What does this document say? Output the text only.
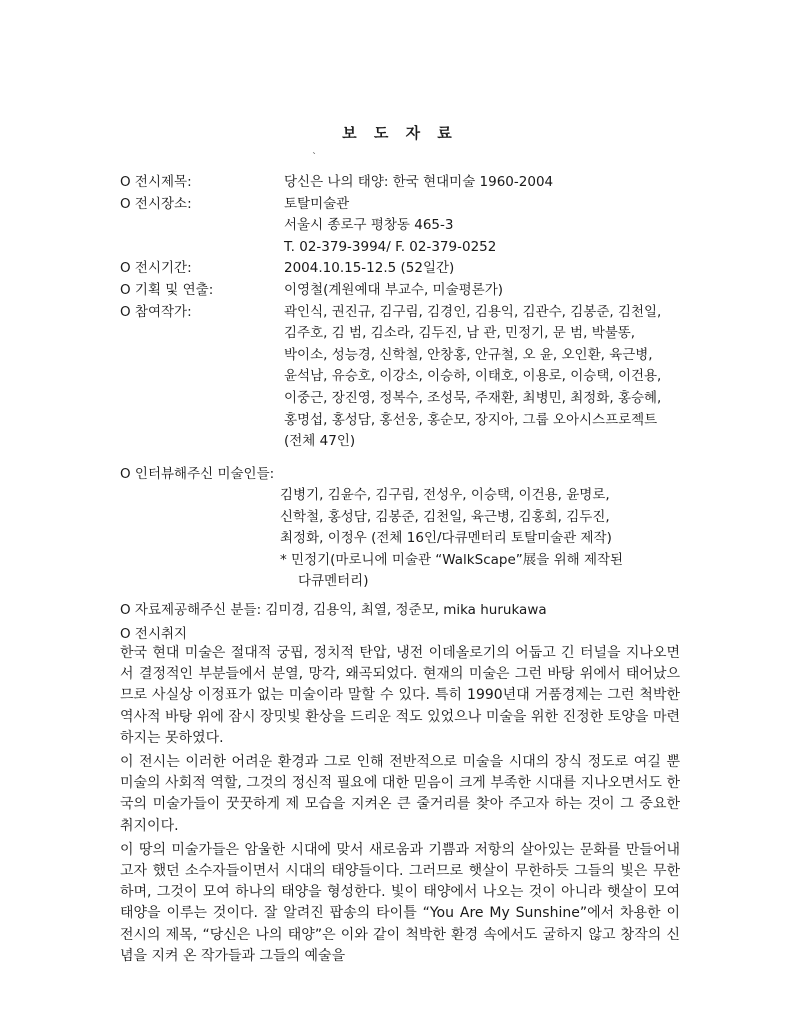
보 도 자 료
`
O 전시제목:	당신은 나의 태양: 한국 현대미술 1960-2004
O 전시장소:	토탈미술관
서울시 종로구 평창동 465-3
T. 02-379-3994/ F. 02-379-0252
O 전시기간:	2004.10.15-12.5 (52일간)
O 기획 및 연출:	이영철(계원예대 부교수, 미술평론가)
O 참여작가:	곽인식, 권진규, 김구림, 김경인, 김용익, 김관수, 김봉준, 김천일,
김주호, 김 범, 김소라, 김두진, 남 관, 민정기, 문 범, 박불똥,
박이소, 성능경, 신학철, 안창홍, 안규철, 오 윤, 오인환, 육근병,
윤석남, 유승호, 이강소, 이승하, 이태호, 이용로, 이승택, 이건용,
이중근, 장진영, 정복수, 조성묵, 주재환, 최병민, 최정화, 홍승혜,
홍명섭, 홍성담, 홍선웅, 홍순모, 장지아, 그룹 오아시스프로젝트
(전체 47인)
O 인터뷰해주신 미술인들:
김병기, 김윤수, 김구림, 전성우, 이승택, 이건용, 윤명로,
신학철, 홍성담, 김봉준, 김천일, 육근병, 김홍희, 김두진,
최정화, 이정우 (전체 16인/다큐멘터리 토탈미술관 제작)
* 민정기(마로니에 미술관 “WalkScape”展을 위해 제작된
다큐멘터리)
O 자료제공해주신 분들: 김미경, 김용익, 최열, 정준모, mika hurukawa
O 전시취지

한국 현대 미술은 절대적 궁핍, 정치적 탄압, 냉전 이데올로기의 어둡고 긴 터널을 지나오면서 결정적인 부분들에서 분열, 망각, 왜곡되었다. 현재의 미술은 그런 바탕 위에서 태어났으므로 사실상 이정표가 없는 미술이라 말할 수 있다. 특히 1990년대 거품경제는 그런 척박한 역사적 바탕 위에 잠시 장밋빛 환상을 드리운 적도 있었으나 미술을 위한 진정한 토양을 마련하지는 못하였다.

이 전시는 이러한 어려운 환경과 그로 인해 전반적으로 미술을 시대의 장식 정도로 여길 뿐 미술의 사회적 역할, 그것의 정신적 필요에 대한 믿음이 크게 부족한 시대를 지나오면서도 한국의 미술가들이 꿋꿋하게 제 모습을 지켜온 큰 줄거리를 찾아 주고자 하는 것이 그 중요한 취지이다.

이 땅의 미술가들은 암울한 시대에 맞서 새로움과 기쁨과 저항의 살아있는 문화를 만들어내고자 했던 소수자들이면서 시대의 태양들이다. 그러므로 햇살이 무한하듯 그들의 빛은 무한하며, 그것이 모여 하나의 태양을 형성한다. 빛이 태양에서 나오는 것이 아니라 햇살이 모여 태양을 이루는 것이다. 잘 알려진 팝송의 타이틀 “You Are My Sunshine”에서 차용한 이 전시의 제목, “당신은 나의 태양”은 이와 같이 척박한 환경 속에서도 굴하지 않고 창작의 신념을 지켜 온 작가들과 그들의 예술을
